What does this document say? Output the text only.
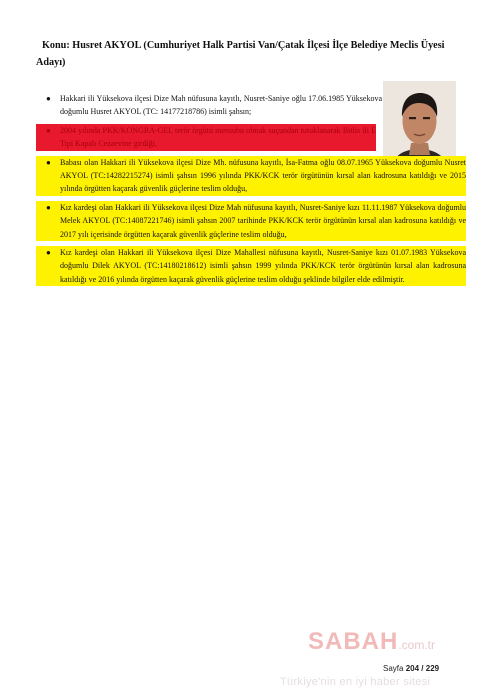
Konu: Husret AKYOL (Cumhuriyet Halk Partisi Van/Çatak İlçesi İlçe Belediye Meclis Üyesi Adayı)
● Hakkari ili Yüksekova ilçesi Dize Mah nüfusuna kayıtlı, Nusret-Saniye oğlu 17.06.1985 Yüksekova doğumlu Husret AKYOL (TC: 14177218786) isimli şahsın;
● 2004 yılında PKK/KONGRA-GEL terör örgütü mensubu olmak suçundan tutuklanarak Bitlis ili E Tipi Kapalı Cezaevine girdiği,
● Babası olan Hakkari ili Yüksekova ilçesi Dize Mh. nüfusuna kayıtlı, İsa-Fatma oğlu 08.07.1965 Yüksekova doğumlu Nusret AKYOL (TC:14282215274) isimli şahsın 1996 yılında PKK/KCK terör örgütünün kırsal alan kadrosuna katıldığı ve 2015 yılında örgütten kaçarak güvenlik güçlerine teslim olduğu,
● Kız kardeşi olan Hakkari ili Yüksekova ilçesi Dize Mah nüfusuna kayıtlı, Nusret-Saniye kızı 11.11.1987 Yüksekova doğumlu Melek AKYOL (TC:14087221746) isimli şahsın 2007 tarihinde PKK/KCK terör örgütünün kırsal alan kadrosuna katıldığı ve 2017 yılı içerisinde örgütten kaçarak güvenlik güçlerine teslim olduğu,
● Kız kardeşi olan Hakkari ili Yüksekova ilçesi Dize Mahallesi nüfusuna kayıtlı, Nusret-Saniye kızı 01.07.1983 Yüksekova doğumlu Dilek AKYOL (TC:14180218612) isimli şahsın 1999 yılında PKK/KCK terör örgütünün kırsal alan kadrosuna katıldığı ve 2016 yılında örgütten kaçarak güvenlik güçlerine teslim olduğu şeklinde bilgiler elde edilmiştir.
SABAH.com.tr
Türkiye'nin en iyi haber sitesi
Sayfa 204 / 229
